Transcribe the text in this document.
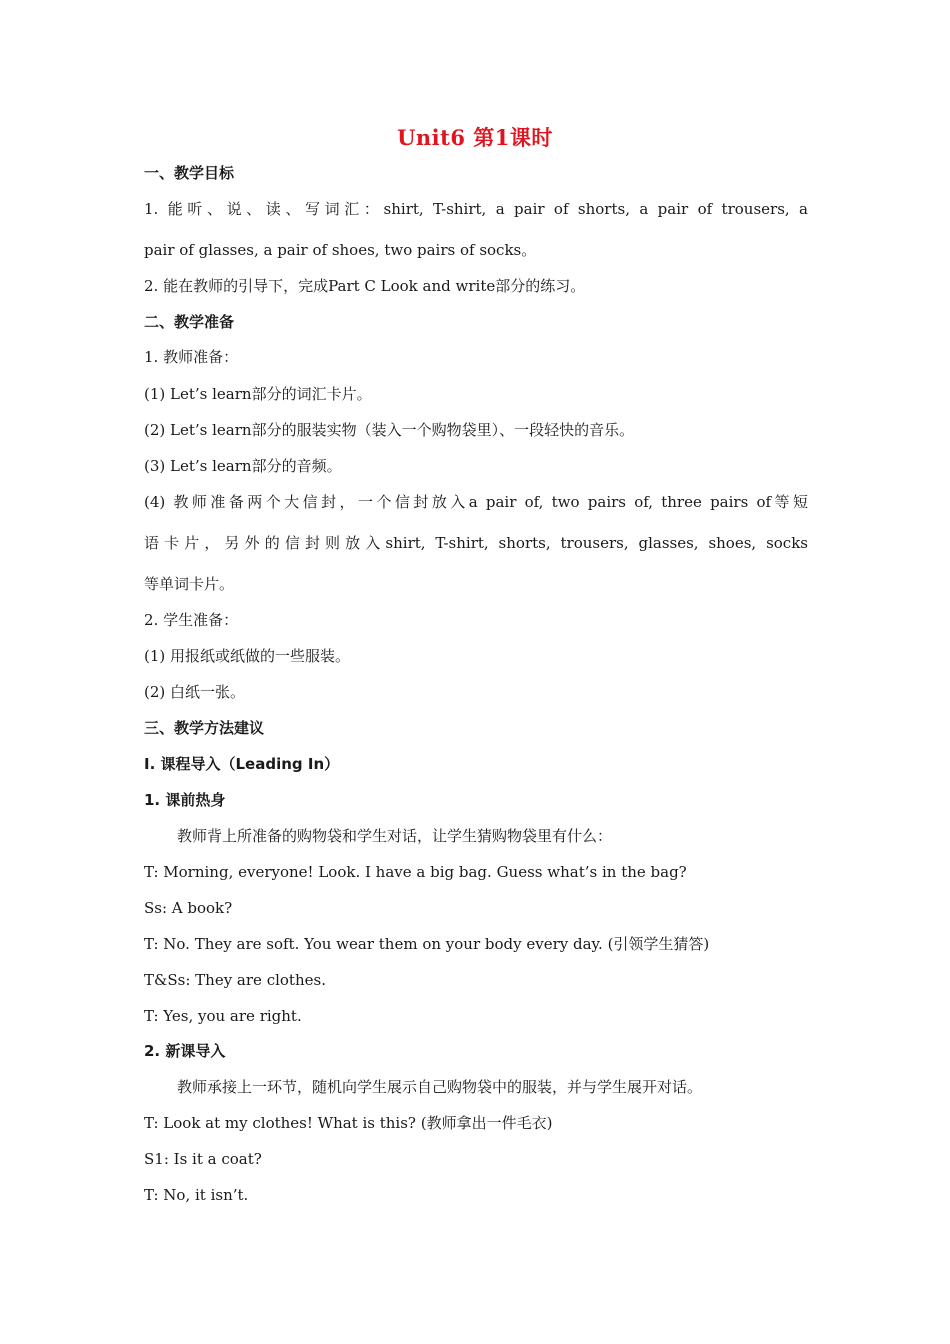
Unit6 第1课时
一、教学目标
1. 能听、说、读、写词汇：shirt, T-shirt, a pair of shorts, a pair of trousers, a
pair of glasses, a pair of shoes, two pairs of socks。
2. 能在教师的引导下，完成Part C Look and write部分的练习。
二、教学准备
1. 教师准备：
(1) Let’s learn部分的词汇卡片。
(2) Let’s learn部分的服装实物（装入一个购物袋里）、一段轻快的音乐。
(3) Let’s learn部分的音频。
(4) 教师准备两个大信封，一个信封放入a pair of, two pairs of, three pairs of等短
语卡片，另外的信封则放入shirt, T-shirt, shorts, trousers, glasses, shoes, socks
等单词卡片。
2. 学生准备：
(1) 用报纸或纸做的一些服装。
(2) 白纸一张。
三、教学方法建议
I. 课程导入（Leading In）
1. 课前热身
教师背上所准备的购物袋和学生对话，让学生猜购物袋里有什么：
T: Morning, everyone! Look. I have a big bag. Guess what’s in the bag?
Ss: A book?
T: No. They are soft. You wear them on your body every day. (引领学生猜答)
T&Ss: They are clothes.
T: Yes, you are right.
2. 新课导入
教师承接上一环节，随机向学生展示自己购物袋中的服装，并与学生展开对话。
T: Look at my clothes! What is this? (教师拿出一件毛衣)
S1: Is it a coat?
T: No, it isn’t.
